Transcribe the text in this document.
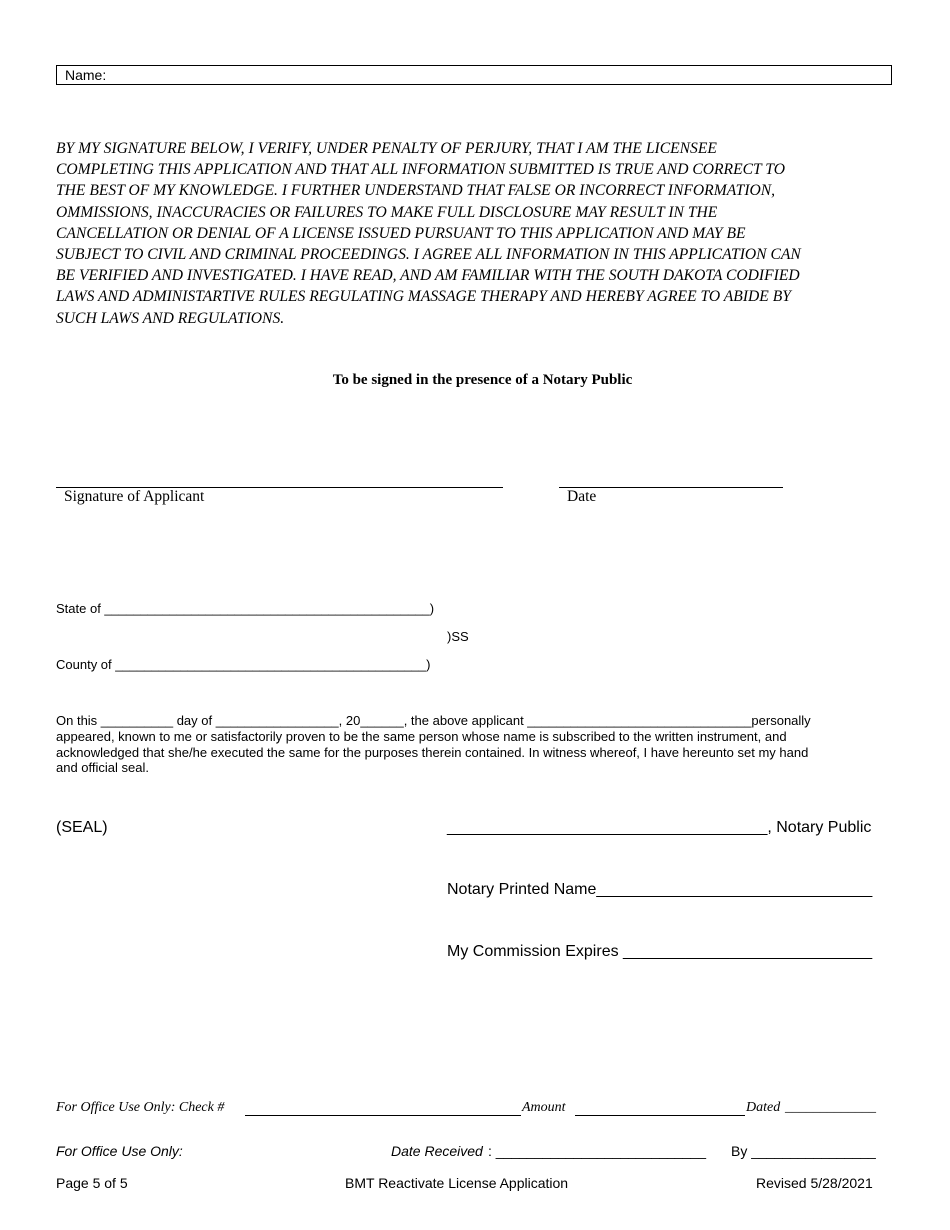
Name:
BY MY SIGNATURE BELOW, I VERIFY, UNDER PENALTY OF PERJURY, THAT I AM THE LICENSEE
COMPLETING THIS APPLICATION AND THAT ALL INFORMATION SUBMITTED IS TRUE AND CORRECT TO
THE BEST OF MY KNOWLEDGE. I FURTHER UNDERSTAND THAT FALSE OR INCORRECT INFORMATION,
OMMISSIONS, INACCURACIES OR FAILURES TO MAKE FULL DISCLOSURE MAY RESULT IN THE
CANCELLATION OR DENIAL OF A LICENSE ISSUED PURSUANT TO THIS APPLICATION AND MAY BE
SUBJECT TO CIVIL AND CRIMINAL PROCEEDINGS. I AGREE ALL INFORMATION IN THIS APPLICATION CAN
BE VERIFIED AND INVESTIGATED. I HAVE READ, AND AM FAMILIAR WITH THE SOUTH DAKOTA CODIFIED
LAWS AND ADMINISTARTIVE RULES REGULATING MASSAGE THERAPY AND HEREBY AGREE TO ABIDE BY
SUCH LAWS AND REGULATIONS.
To be signed in the presence of a Notary Public
Signature of Applicant	Date
State of _____________________________________________)
)SS
County of ___________________________________________)
On this __________ day of _________________, 20______, the above applicant _______________________________personally
appeared, known to me or satisfactorily proven to be the same person whose name is subscribed to the written instrument, and
acknowledged that she/he executed the same for the purposes therein contained. In witness whereof, I have hereunto set my hand
and official seal.
(SEAL)	____________________________________, Notary Public
Notary Printed Name_______________________________
My Commission Expires ____________________________
For Office Use Only: Check #	Amount	Dated _____________
For Office Use Only:	Date Received : ___________________________ By ________________
Page 5 of 5	BMT Reactivate License Application	Revised 5/28/2021
